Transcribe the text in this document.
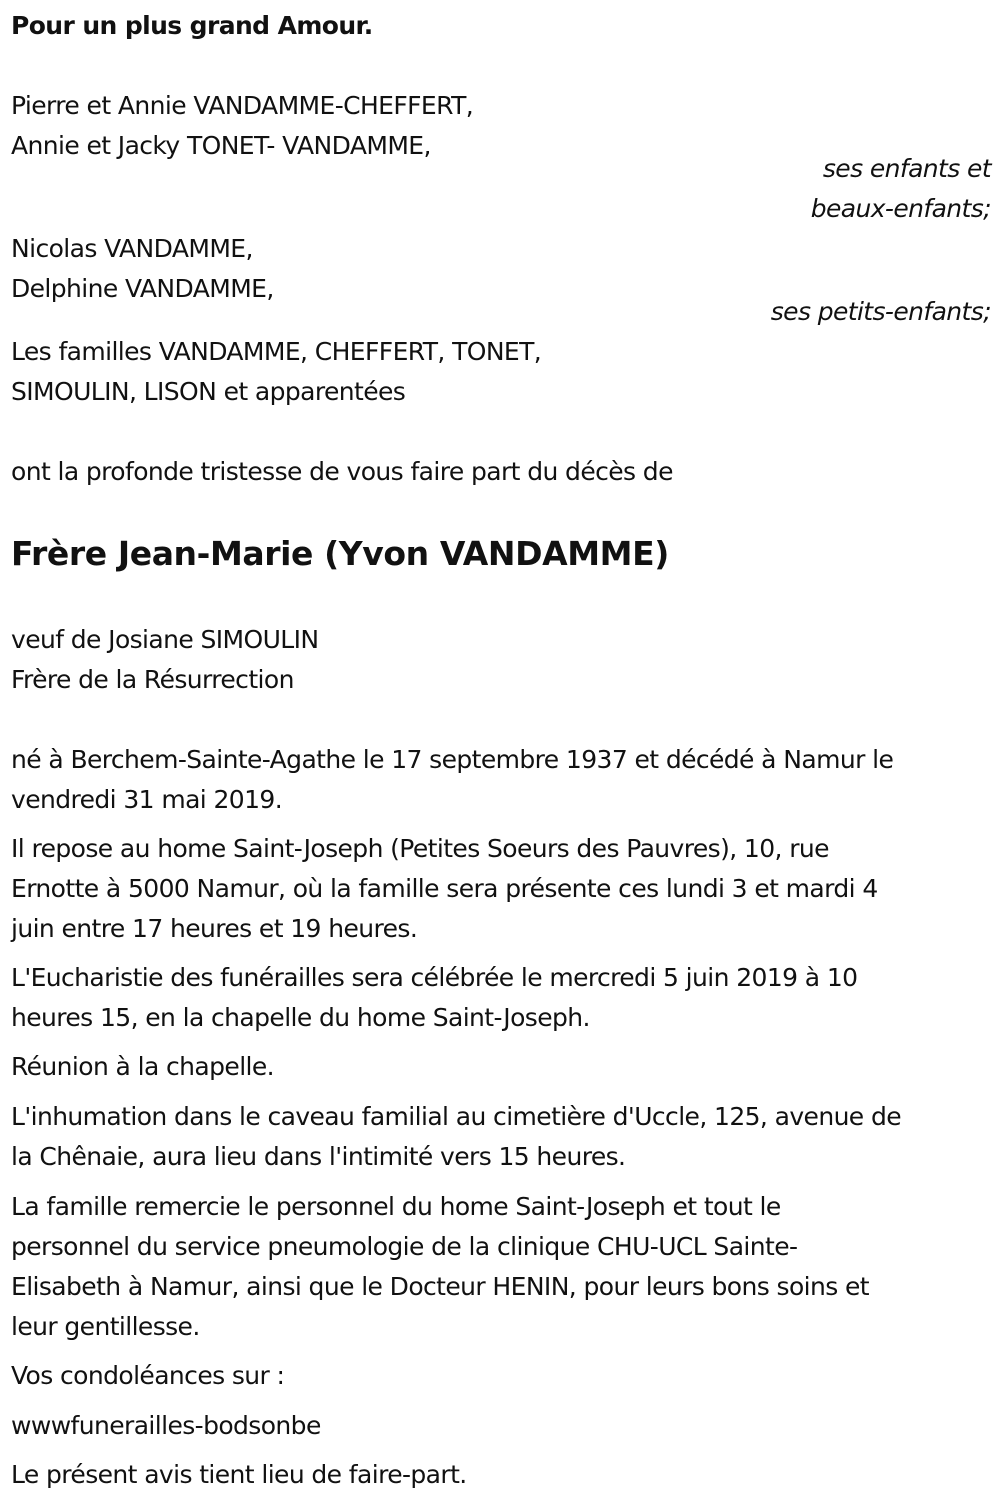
Pour un plus grand Amour.
Pierre et Annie VANDAMME-CHEFFERT,
Annie et Jacky TONET- VANDAMME,
ses enfants et
beaux-enfants;
Nicolas VANDAMME,
Delphine VANDAMME,
ses petits-enfants;
Les familles VANDAMME, CHEFFERT, TONET,
SIMOULIN, LISON et apparentées
ont la profonde tristesse de vous faire part du décès de
Frère Jean-Marie (Yvon VANDAMME)
veuf de Josiane SIMOULIN
Frère de la Résurrection
né à Berchem-Sainte-Agathe le 17 septembre 1937 et décédé à Namur le
vendredi 31 mai 2019.
Il repose au home Saint-Joseph (Petites Soeurs des Pauvres), 10, rue
Ernotte à 5000 Namur, où la famille sera présente ces lundi 3 et mardi 4
juin entre 17 heures et 19 heures.
L'Eucharistie des funérailles sera célébrée le mercredi 5 juin 2019 à 10
heures 15, en la chapelle du home Saint-Joseph.
Réunion à la chapelle.
L'inhumation dans le caveau familial au cimetière d'Uccle, 125, avenue de
la Chênaie, aura lieu dans l'intimité vers 15 heures.
La famille remercie le personnel du home Saint-Joseph et tout le
personnel du service pneumologie de la clinique CHU-UCL Sainte-
Elisabeth à Namur, ainsi que le Docteur HENIN, pour leurs bons soins et
leur gentillesse.
Vos condoléances sur :
wwwfunerailles-bodsonbe
Le présent avis tient lieu de faire-part.
